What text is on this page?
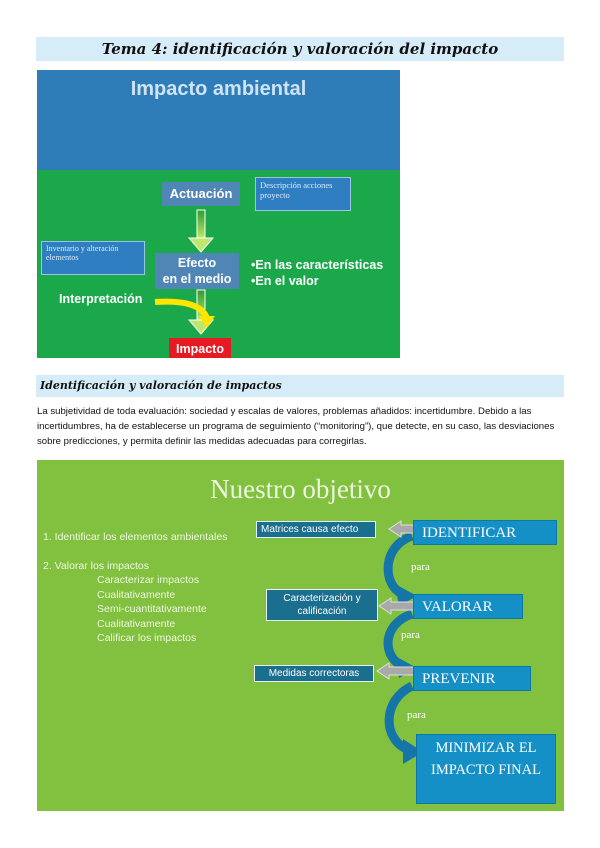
Tema 4: identificación y valoración del impacto
Impacto ambiental
Actuación
Descripción acciones proyecto
Inventario y alteración elementos	Efecto
en el medio
•En las características
•En el valor
Interpretación
Impacto
Identificación y valoración de impactos
La subjetividad de toda evaluación: sociedad y escalas de valores, problemas añadidos: incertidumbre. Debido a las incertidumbres, ha de establecerse un programa de seguimiento (“monitoring”), que detecte, en su caso, las desviaciones sobre predicciones, y permita definir las medidas adecuadas para corregirlas.
Nuestro objetivo
1. Identificar los elementos ambientales
2. Valorar los impactos
Caracterizar impactos
Cualitativamente
Semi-cuantitativamente
Cualitativamente
Calificar los impactos
IDENTIFICAR
VALORAR
PREVENIR
MINIMIZAR EL IMPACTO FINAL
Matrices causa efecto
Caracterización y calificación
Medidas correctoras
para
para
para
